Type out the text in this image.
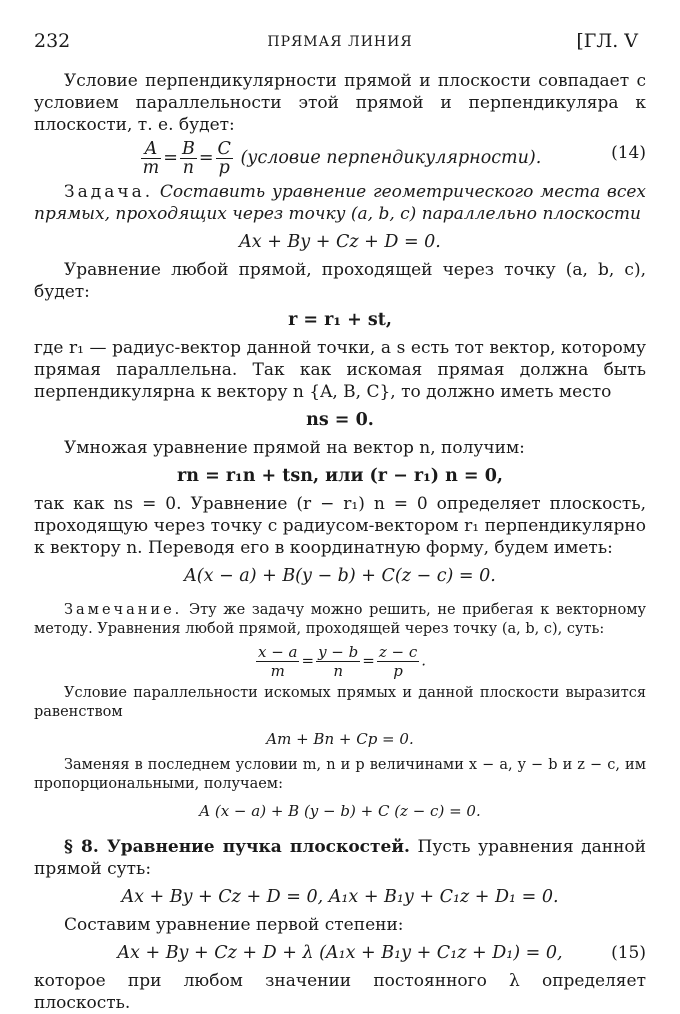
232	ПРЯМАЯ ЛИНИЯ	[ГЛ. V

Условие перпендикулярности прямой и плоскости совпадает с условием параллельности этой прямой и перпендикуляра к плоскости, т. е. будет:

$\frac{A}{m} = \frac{B}{n} = \frac{C}{p}$ (условие перпендикулярности).	(14)

Задача. Составить уравнение геометрического места всех прямых, проходящих через точку (a, b, c) параллельно плоскости

Ax + By + Cz + D = 0.

Уравнение любой прямой, проходящей через точку (a, b, c), будет:

r = r₁ + st,

где r₁ — радиус-вектор данной точки, а s есть тот вектор, которому прямая параллельна. Так как искомая прямая должна быть перпендикулярна к вектору n {A, B, C}, то должно иметь место

ns = 0.

Умножая уравнение прямой на вектор n, получим:

rn = r₁n + tsn, или (r − r₁) n = 0,

так как ns = 0. Уравнение (r − r₁) n = 0 определяет плоскость, проходящую через точку с радиусом-вектором r₁ перпендикулярно к вектору n. Переводя его в координатную форму, будем иметь:

A(x − a) + B(y − b) + C(z − c) = 0.

Замечание. Эту же задачу можно решить, не прибегая к векторному методу. Уравнения любой прямой, проходящей через точку (a, b, c), суть:

$\frac{x - a}{m} = \frac{y - b}{n} = \frac{z - c}{p}$ .

Условие параллельности искомых прямых и данной плоскости выразится равенством

Am + Bn + Cp = 0.

Заменяя в последнем условии m, n и p величинами x − a, y − b и z − c, им пропорциональными, получаем:

A (x − a) + B (y − b) + C (z − c) = 0.

§ 8. Уравнение пучка плоскостей. Пусть уравнения данной прямой суть:

Ax + By + Cz + D = 0, A₁x + B₁y + C₁z + D₁ = 0.

Составим уравнение первой степени:

Ax + By + Cz + D + λ (A₁x + B₁y + C₁z + D₁) = 0,	(15)

которое при любом значении постоянного λ определяет плоскость.
